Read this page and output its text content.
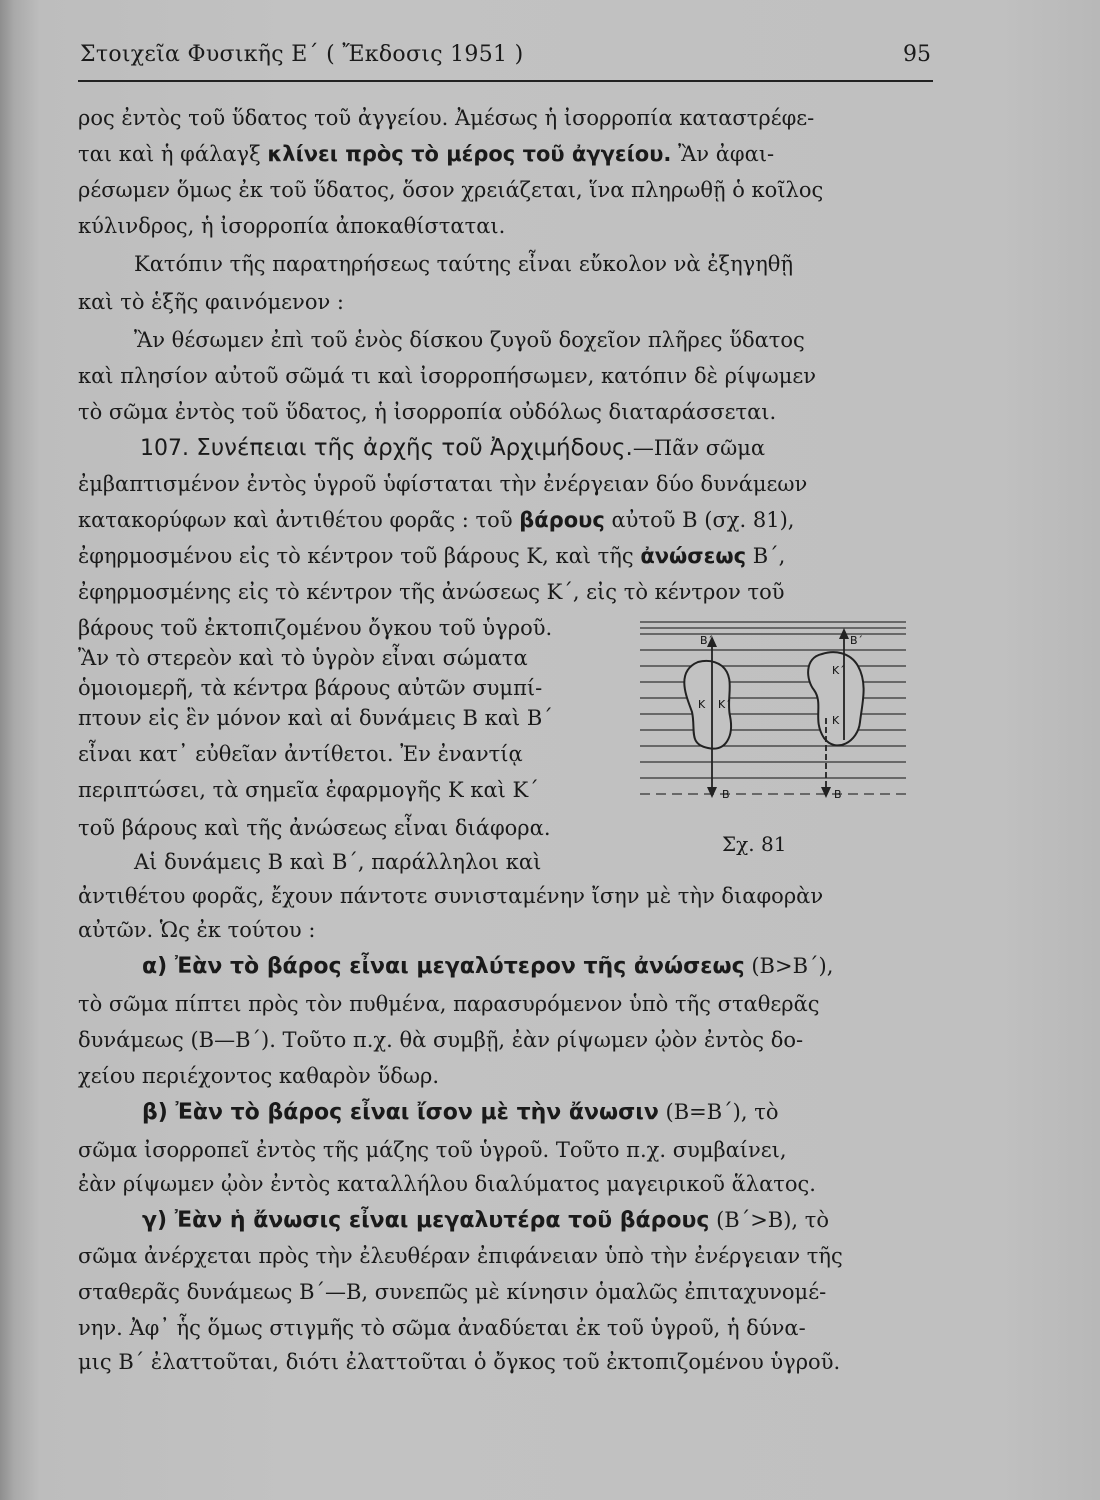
Στοιχεῖα Φυσικῆς Ε΄ ( Ἔκδοσις 1951 )	95
ρος ἐντὸς τοῦ ὕδατος τοῦ ἀγγείου. Ἀμέσως ἡ ἰσορροπία καταστρέφε-
ται καὶ ἡ φάλαγξ κλίνει πρὸς τὸ μέρος τοῦ ἀγγείου. Ἂν ἀφαι-
ρέσωμεν ὅμως ἐκ τοῦ ὕδατος, ὅσον χρειάζεται, ἵνα πληρωθῇ ὁ κοῖλος
κύλινδρος, ἡ ἰσορροπία ἀποκαθίσταται.
Κατόπιν τῆς παρατηρήσεως ταύτης εἶναι εὔκολον νὰ ἐξηγηθῇ
καὶ τὸ ἑξῆς φαινόμενον :
Ἂν θέσωμεν ἐπὶ τοῦ ἑνὸς δίσκου ζυγοῦ δοχεῖον πλῆρες ὕδατος
καὶ πλησίον αὐτοῦ σῶμά τι καὶ ἰσορροπήσωμεν, κατόπιν δὲ ρίψωμεν
τὸ σῶμα ἐντὸς τοῦ ὕδατος, ἡ ἰσορροπία οὐδόλως διαταράσσεται.
107. Συνέπειαι τῆς ἀρχῆς τοῦ Ἀρχιμήδους.—Πᾶν σῶμα
ἐμβαπτισμένον ἐντὸς ὑγροῦ ὑφίσταται τὴν ἐνέργειαν δύο δυνάμεων
κατακορύφων καὶ ἀντιθέτου φορᾶς : τοῦ βάρους αὐτοῦ Β (σχ. 81),
ἐφηρμοσμένου εἰς τὸ κέντρον τοῦ βάρους Κ, καὶ τῆς ἀνώσεως Β΄,
ἐφηρμοσμένης εἰς τὸ κέντρον τῆς ἀνώσεως Κ΄, εἰς τὸ κέντρον τοῦ
βάρους τοῦ ἐκτοπιζομένου ὄγκου τοῦ ὑγροῦ.
Ἂν τὸ στερεὸν καὶ τὸ ὑγρὸν εἶναι σώματα
ὁμοιομερῆ, τὰ κέντρα βάρους αὐτῶν συμπί-
πτουν εἰς ἓν μόνον καὶ αἱ δυνάμεις Β καὶ Β΄
εἶναι κατ᾽ εὐθεῖαν ἀντίθετοι. Ἐν ἐναντίᾳ
περιπτώσει, τὰ σημεῖα ἐφαρμογῆς Κ καὶ Κ΄
τοῦ βάρους καὶ τῆς ἀνώσεως εἶναι διάφορα.
Αἱ δυνάμεις Β καὶ Β΄, παράλληλοι καὶ
ἀντιθέτου φορᾶς, ἔχουν πάντοτε συνισταμένην ἴσην μὲ τὴν διαφορὰν
αὐτῶν. Ὡς ἐκ τούτου :
α) Ἐὰν τὸ βάρος εἶναι μεγαλύτερον τῆς ἀνώσεως (Β>Β΄),
τὸ σῶμα πίπτει πρὸς τὸν πυθμένα, παρασυρόμενον ὑπὸ τῆς σταθερᾶς
δυνάμεως (Β—Β΄). Τοῦτο π.χ. θὰ συμβῇ, ἐὰν ρίψωμεν ᾠὸν ἐντὸς δο-
χείου περιέχοντος καθαρὸν ὕδωρ.
β) Ἐὰν τὸ βάρος εἶναι ἴσον μὲ τὴν ἄνωσιν (Β=Β΄), τὸ
σῶμα ἰσορροπεῖ ἐντὸς τῆς μάζης τοῦ ὑγροῦ. Τοῦτο π.χ. συμβαίνει,
ἐὰν ρίψωμεν ᾠὸν ἐντὸς καταλλήλου διαλύματος μαγειρικοῦ ἅλατος.
γ) Ἐὰν ἡ ἄνωσις εἶναι μεγαλυτέρα τοῦ βάρους (Β΄>Β), τὸ
σῶμα ἀνέρχεται πρὸς τὴν ἐλευθέραν ἐπιφάνειαν ὑπὸ τὴν ἐνέργειαν τῆς
σταθερᾶς δυνάμεως Β΄—Β, συνεπῶς μὲ κίνησιν ὁμαλῶς ἐπιταχυνομέ-
νην. Ἀφ᾽ ἧς ὅμως στιγμῆς τὸ σῶμα ἀναδύεται ἐκ τοῦ ὑγροῦ, ἡ δύνα-
μις Β΄ ἐλαττοῦται, διότι ἐλαττοῦται ὁ ὄγκος τοῦ ἐκτοπιζομένου ὑγροῦ.
Β΄
Β
Κ Κ΄
Β΄
Κ΄
Κ
Β
Σχ. 81
